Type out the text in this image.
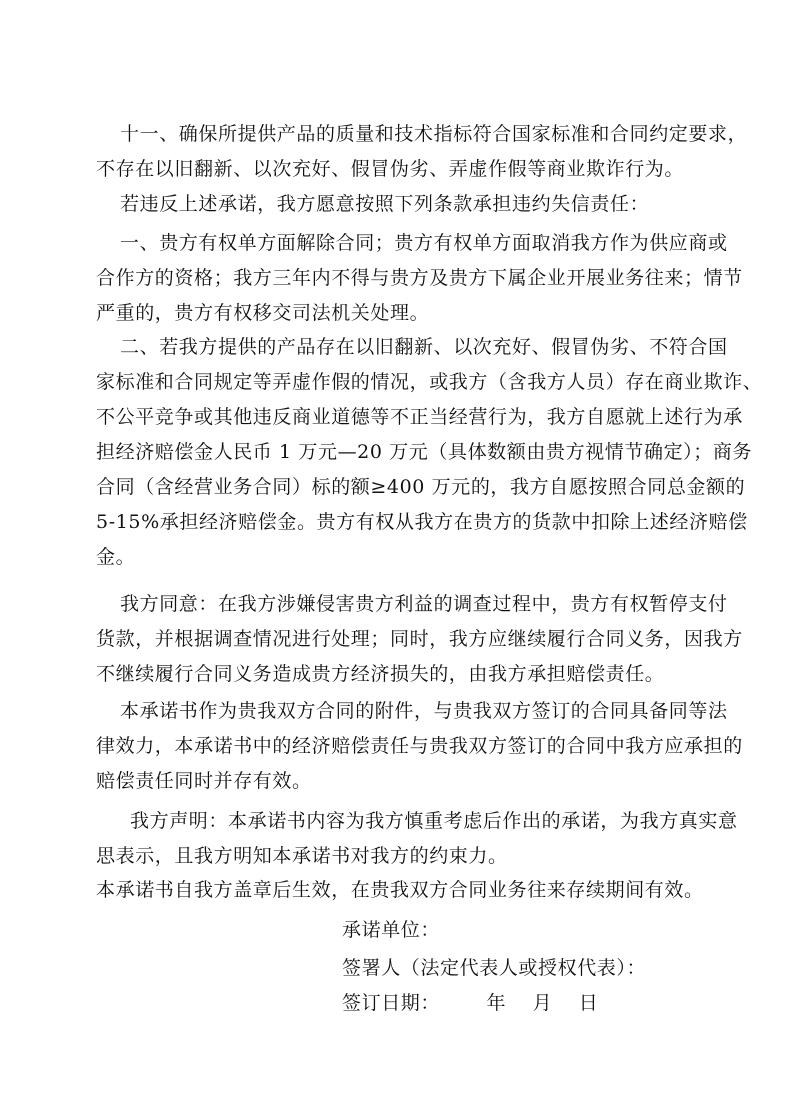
十一、确保所提供产品的质量和技术指标符合国家标准和合同约定要求，
不存在以旧翻新、以次充好、假冒伪劣、弄虚作假等商业欺诈行为。
若违反上述承诺，我方愿意按照下列条款承担违约失信责任：
一、贵方有权单方面解除合同；贵方有权单方面取消我方作为供应商或
合作方的资格；我方三年内不得与贵方及贵方下属企业开展业务往来；情节
严重的，贵方有权移交司法机关处理。
二、若我方提供的产品存在以旧翻新、以次充好、假冒伪劣、不符合国
家标准和合同规定等弄虚作假的情况，或我方（含我方人员）存在商业欺诈、
不公平竞争或其他违反商业道德等不正当经营行为，我方自愿就上述行为承
担经济赔偿金人民币 1 万元—20 万元（具体数额由贵方视情节确定）；商务
合同（含经营业务合同）标的额≥400 万元的，我方自愿按照合同总金额的
5-15%承担经济赔偿金。贵方有权从我方在贵方的货款中扣除上述经济赔偿
金。
我方同意：在我方涉嫌侵害贵方利益的调查过程中，贵方有权暂停支付
货款，并根据调查情况进行处理；同时，我方应继续履行合同义务，因我方
不继续履行合同义务造成贵方经济损失的，由我方承担赔偿责任。
本承诺书作为贵我双方合同的附件，与贵我双方签订的合同具备同等法
律效力，本承诺书中的经济赔偿责任与贵我双方签订的合同中我方应承担的
赔偿责任同时并存有效。
我方声明：本承诺书内容为我方慎重考虑后作出的承诺，为我方真实意
思表示，且我方明知本承诺书对我方的约束力。
本承诺书自我方盖章后生效，在贵我双方合同业务往来存续期间有效。

承诺单位：

签署人（法定代表人或授权代表）：

签订日期：       年    月    日
